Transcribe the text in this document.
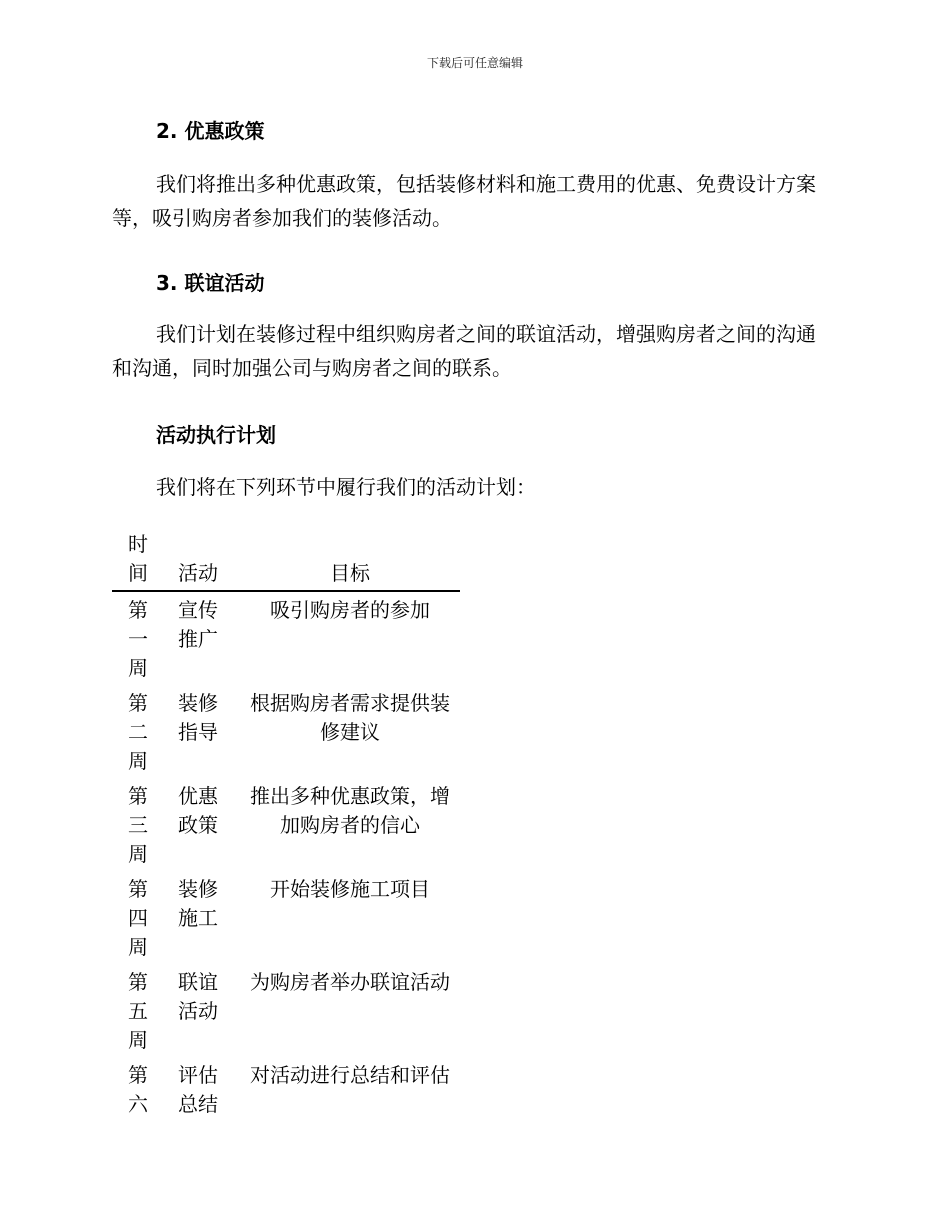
下载后可任意编辑
2. 优惠政策
我们将推出多种优惠政策，包括装修材料和施工费用的优惠、免费设计方案等，吸引购房者参加我们的装修活动。
3. 联谊活动
我们计划在装修过程中组织购房者之间的联谊活动，增强购房者之间的沟通和沟通，同时加强公司与购房者之间的联系。
活动执行计划
我们将在下列环节中履行我们的活动计划：
时间	活动	目标

第一周	宣传推广	吸引购房者的参加

第二周	装修指导	根据购房者需求提供装修建议

第三周	优惠政策	推出多种优惠政策，增加购房者的信心

第四周	装修施工	开始装修施工项目

第五周	联谊活动	为购房者举办联谊活动

第六	评估总结	对活动进行总结和评估
